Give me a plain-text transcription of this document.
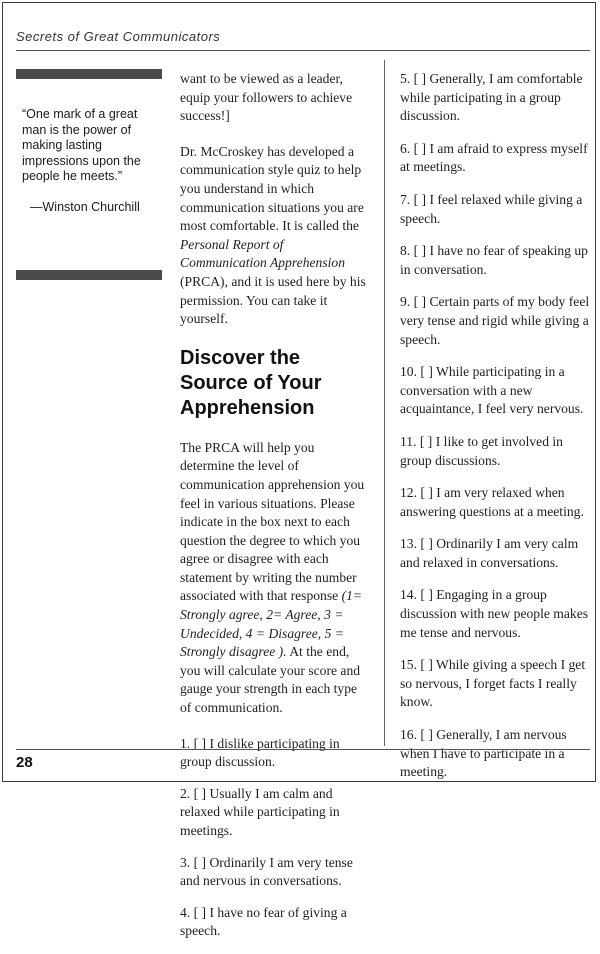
Secrets of Great Communicators

“One mark of a great man is the power of making lasting impressions upon the people he meets.”

—Winston Churchill

want to be viewed as a leader, equip your followers to achieve success!]

Dr. McCroskey has developed a communication style quiz to help you understand in which communication situations you are most comfortable. It is called the Personal Report of Communication Apprehension (PRCA), and it is used here by his permission. You can take it yourself.

Discover the Source of Your Apprehension

The PRCA will help you determine the level of communication apprehension you feel in various situations. Please indicate in the box next to each question the degree to which you agree or disagree with each statement by writing the number associated with that response (1= Strongly agree, 2= Agree, 3 = Undecided, 4 = Disagree, 5 = Strongly disagree ). At the end, you will calculate your score and gauge your strength in each type of communication.

1. [ ] I dislike participating in group discussion.

2. [ ] Usually I am calm and relaxed while participating in meetings.

3. [ ] Ordinarily I am very tense and nervous in conversations.

4. [ ] I have no fear of giving a speech.

5. [ ] Generally, I am comfortable while participating in a group discussion.

6. [ ] I am afraid to express myself at meetings.

7. [ ] I feel relaxed while giving a speech.

8. [ ] I have no fear of speaking up in conversation.

9. [ ] Certain parts of my body feel very tense and rigid while giving a speech.

10. [ ] While participating in a conversation with a new acquaintance, I feel very nervous.

11. [ ] I like to get involved in group discussions.

12. [ ] I am very relaxed when answering questions at a meeting.

13. [ ] Ordinarily I am very calm and relaxed in conversations.

14. [ ] Engaging in a group discussion with new people makes me tense and nervous.

15. [ ] While giving a speech I get so nervous, I forget facts I really know.

16. [ ] Generally, I am nervous when I have to participate in a meeting.

28
